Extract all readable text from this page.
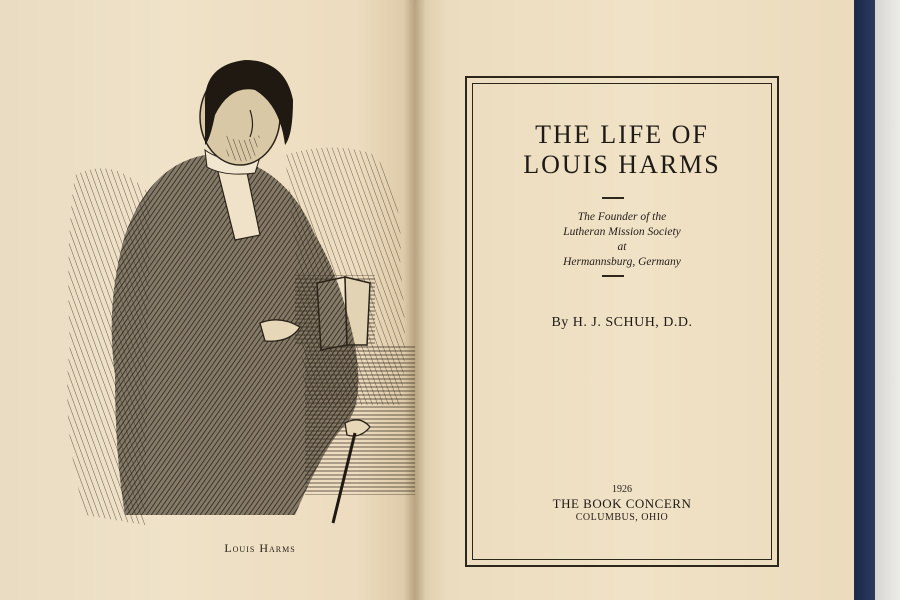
Louis Harms
THE LIFE OF
LOUIS HARMS
The Founder of the
Lutheran Mission Society
at
Hermannsburg, Germany
By H. J. SCHUH, D.D.
1926
THE BOOK CONCERN
COLUMBUS, OHIO
